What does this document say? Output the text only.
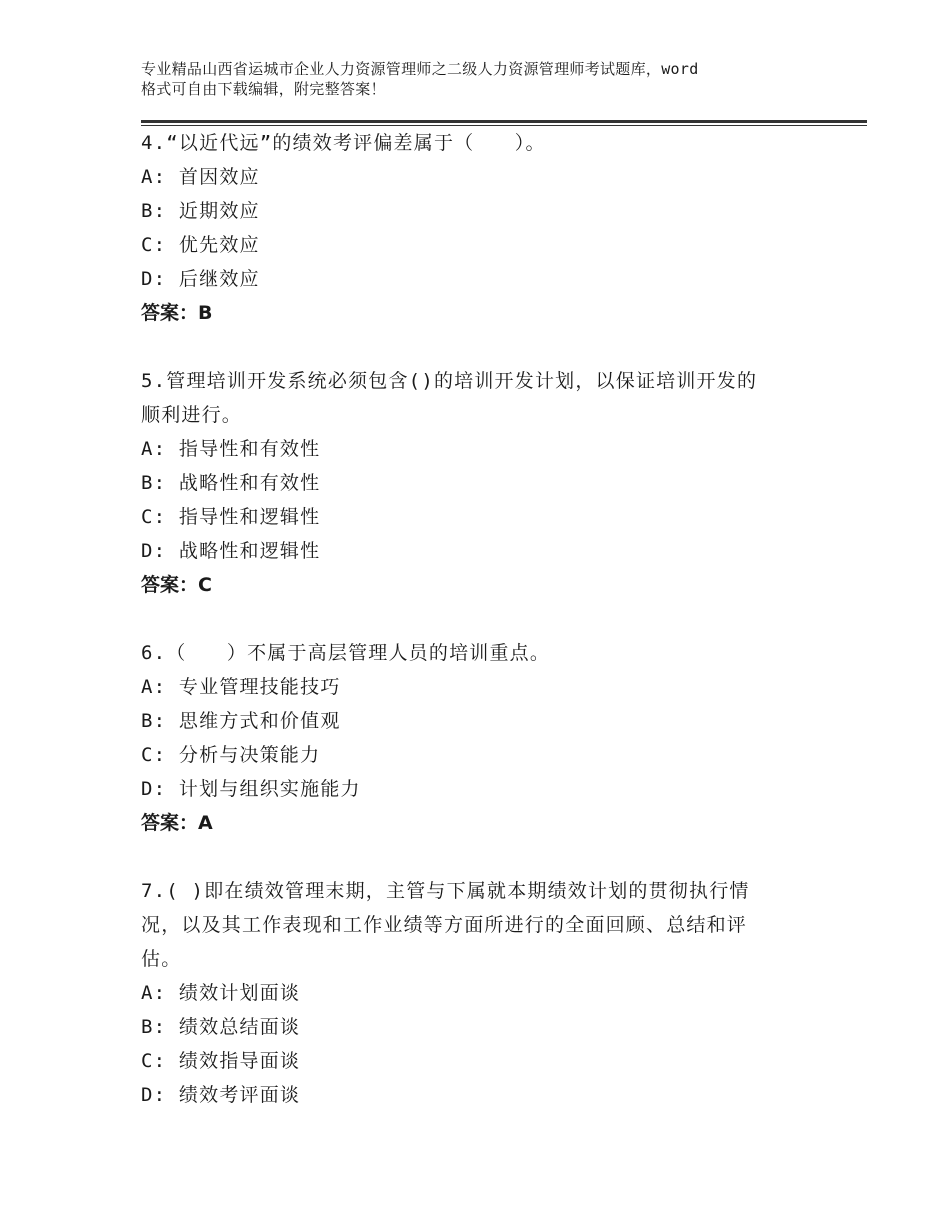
专业精品山西省运城市企业人力资源管理师之二级人力资源管理师考试题库，word
格式可自由下载编辑，附完整答案！
4.“以近代远”的绩效考评偏差属于（　　）。
A: 首因效应
B: 近期效应
C: 优先效应
D: 后继效应
答案：B
5.管理培训开发系统必须包含()的培训开发计划，以保证培训开发的
顺利进行。
A: 指导性和有效性
B: 战略性和有效性
C: 指导性和逻辑性
D: 战略性和逻辑性
答案：C
6.（　　）不属于高层管理人员的培训重点。
A: 专业管理技能技巧
B: 思维方式和价值观
C: 分析与决策能力
D: 计划与组织实施能力
答案：A
7.( )即在绩效管理末期，主管与下属就本期绩效计划的贯彻执行情
况，以及其工作表现和工作业绩等方面所进行的全面回顾、总结和评
估。
A: 绩效计划面谈
B: 绩效总结面谈
C: 绩效指导面谈
D: 绩效考评面谈
